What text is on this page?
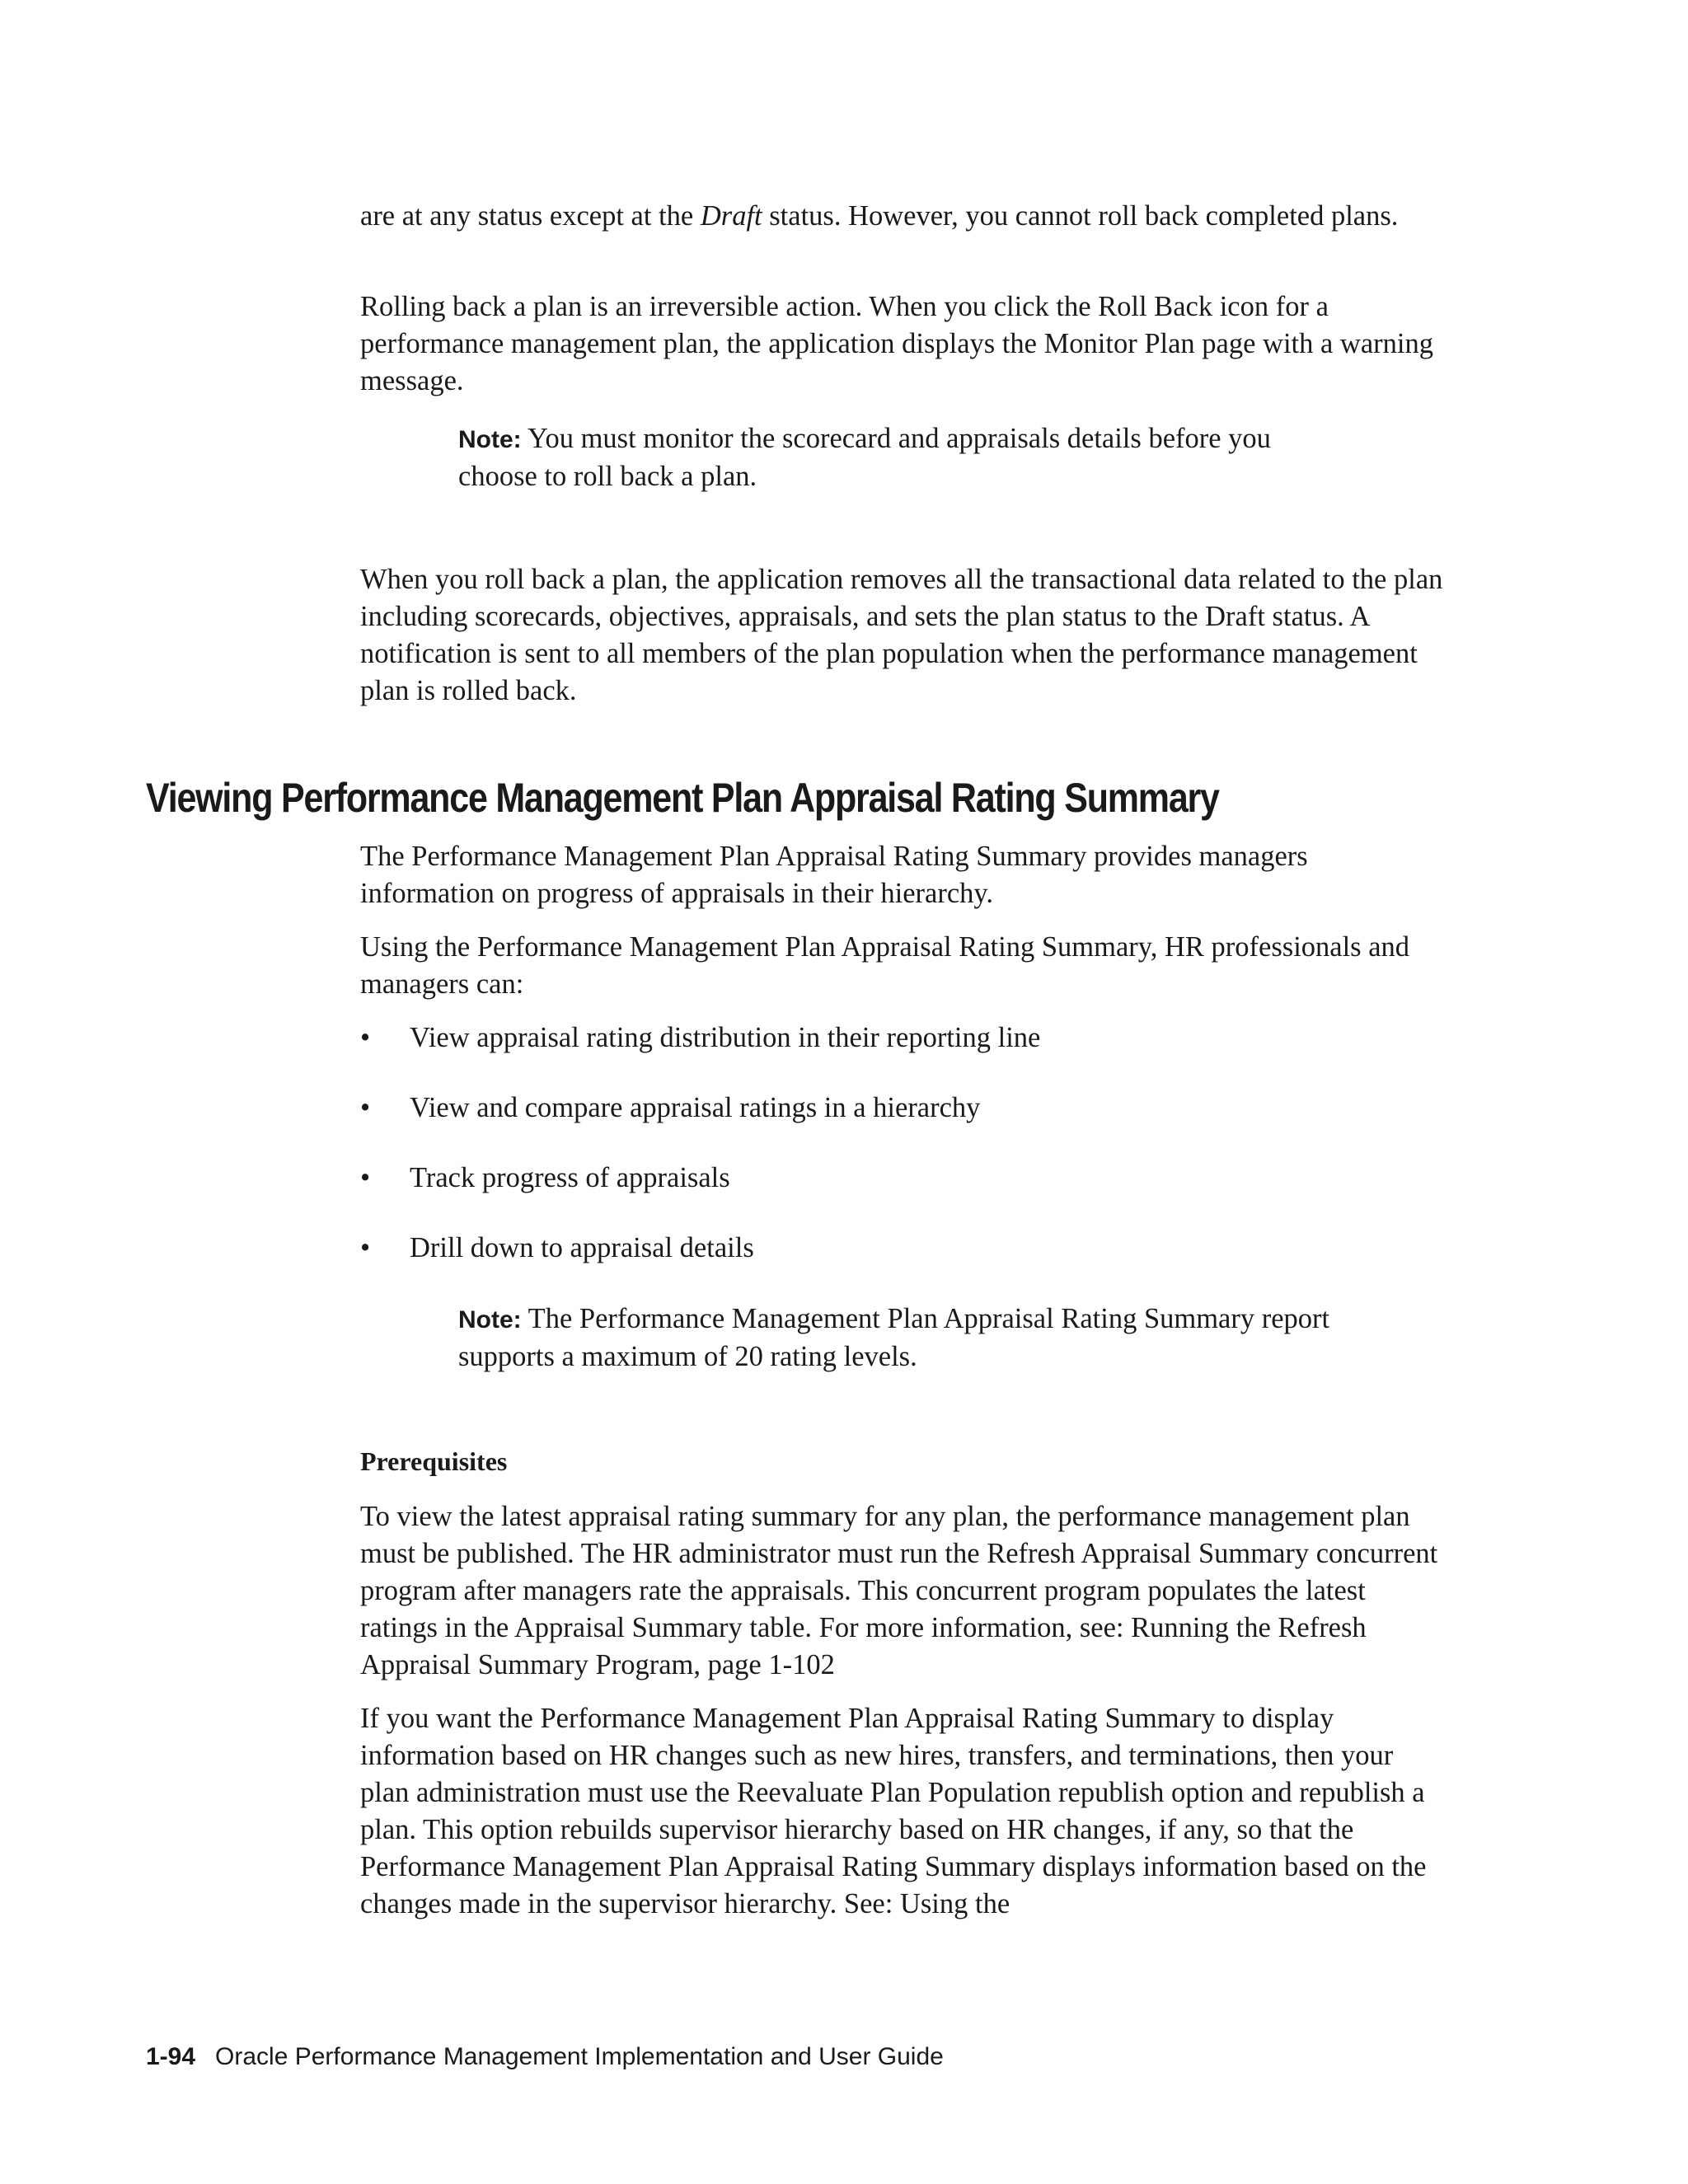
are at any status except at the Draft status. However, you cannot roll back completed plans.

Rolling back a plan is an irreversible action. When you click the Roll Back icon for a performance management plan, the application displays the Monitor Plan page with a warning message.

Note: You must monitor the scorecard and appraisals details before you choose to roll back a plan.

When you roll back a plan, the application removes all the transactional data related to the plan including scorecards, objectives, appraisals, and sets the plan status to the Draft status. A notification is sent to all members of the plan population when the performance management plan is rolled back.

Viewing Performance Management Plan Appraisal Rating Summary

The Performance Management Plan Appraisal Rating Summary provides managers information on progress of appraisals in their hierarchy.

Using the Performance Management Plan Appraisal Rating Summary, HR professionals and managers can:

•	View appraisal rating distribution in their reporting line
•	View and compare appraisal ratings in a hierarchy
•	Track progress of appraisals
•	Drill down to appraisal details

Note: The Performance Management Plan Appraisal Rating Summary report supports a maximum of 20 rating levels.

Prerequisites

To view the latest appraisal rating summary for any plan, the performance management plan must be published. The HR administrator must run the Refresh Appraisal Summary concurrent program after managers rate the appraisals. This concurrent program populates the latest ratings in the Appraisal Summary table. For more information, see: Running the Refresh Appraisal Summary Program, page 1-102

If you want the Performance Management Plan Appraisal Rating Summary to display information based on HR changes such as new hires, transfers, and terminations, then your plan administration must use the Reevaluate Plan Population republish option and republish a plan. This option rebuilds supervisor hierarchy based on HR changes, if any, so that the Performance Management Plan Appraisal Rating Summary displays information based on the changes made in the supervisor hierarchy. See: Using the

1-94 Oracle Performance Management Implementation and User Guide
